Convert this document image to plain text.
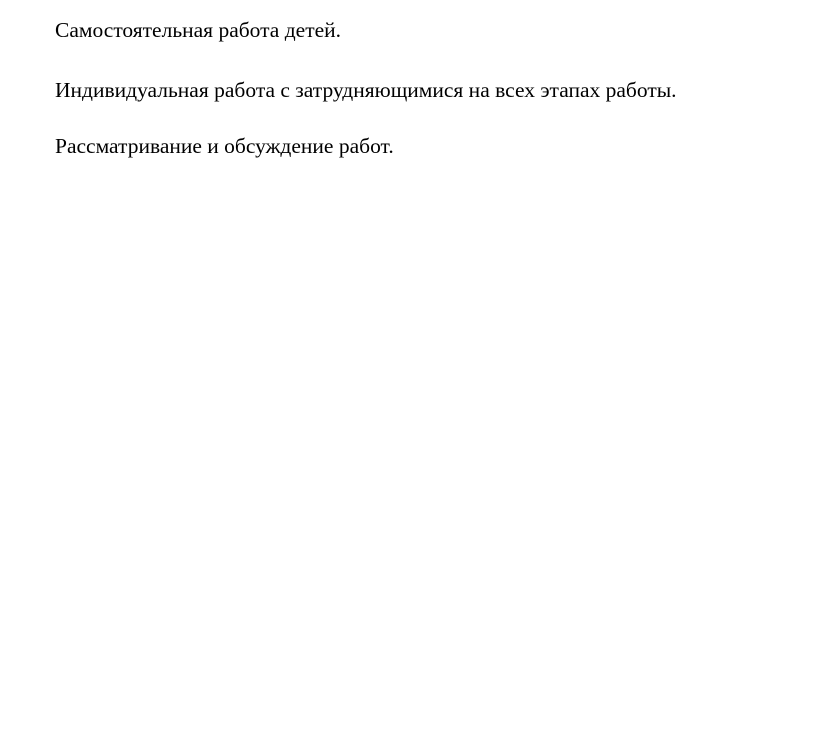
Самостоятельная работа детей.

Индивидуальная работа с затрудняющимися на всех этапах работы.

Рассматривание и обсуждение работ.
